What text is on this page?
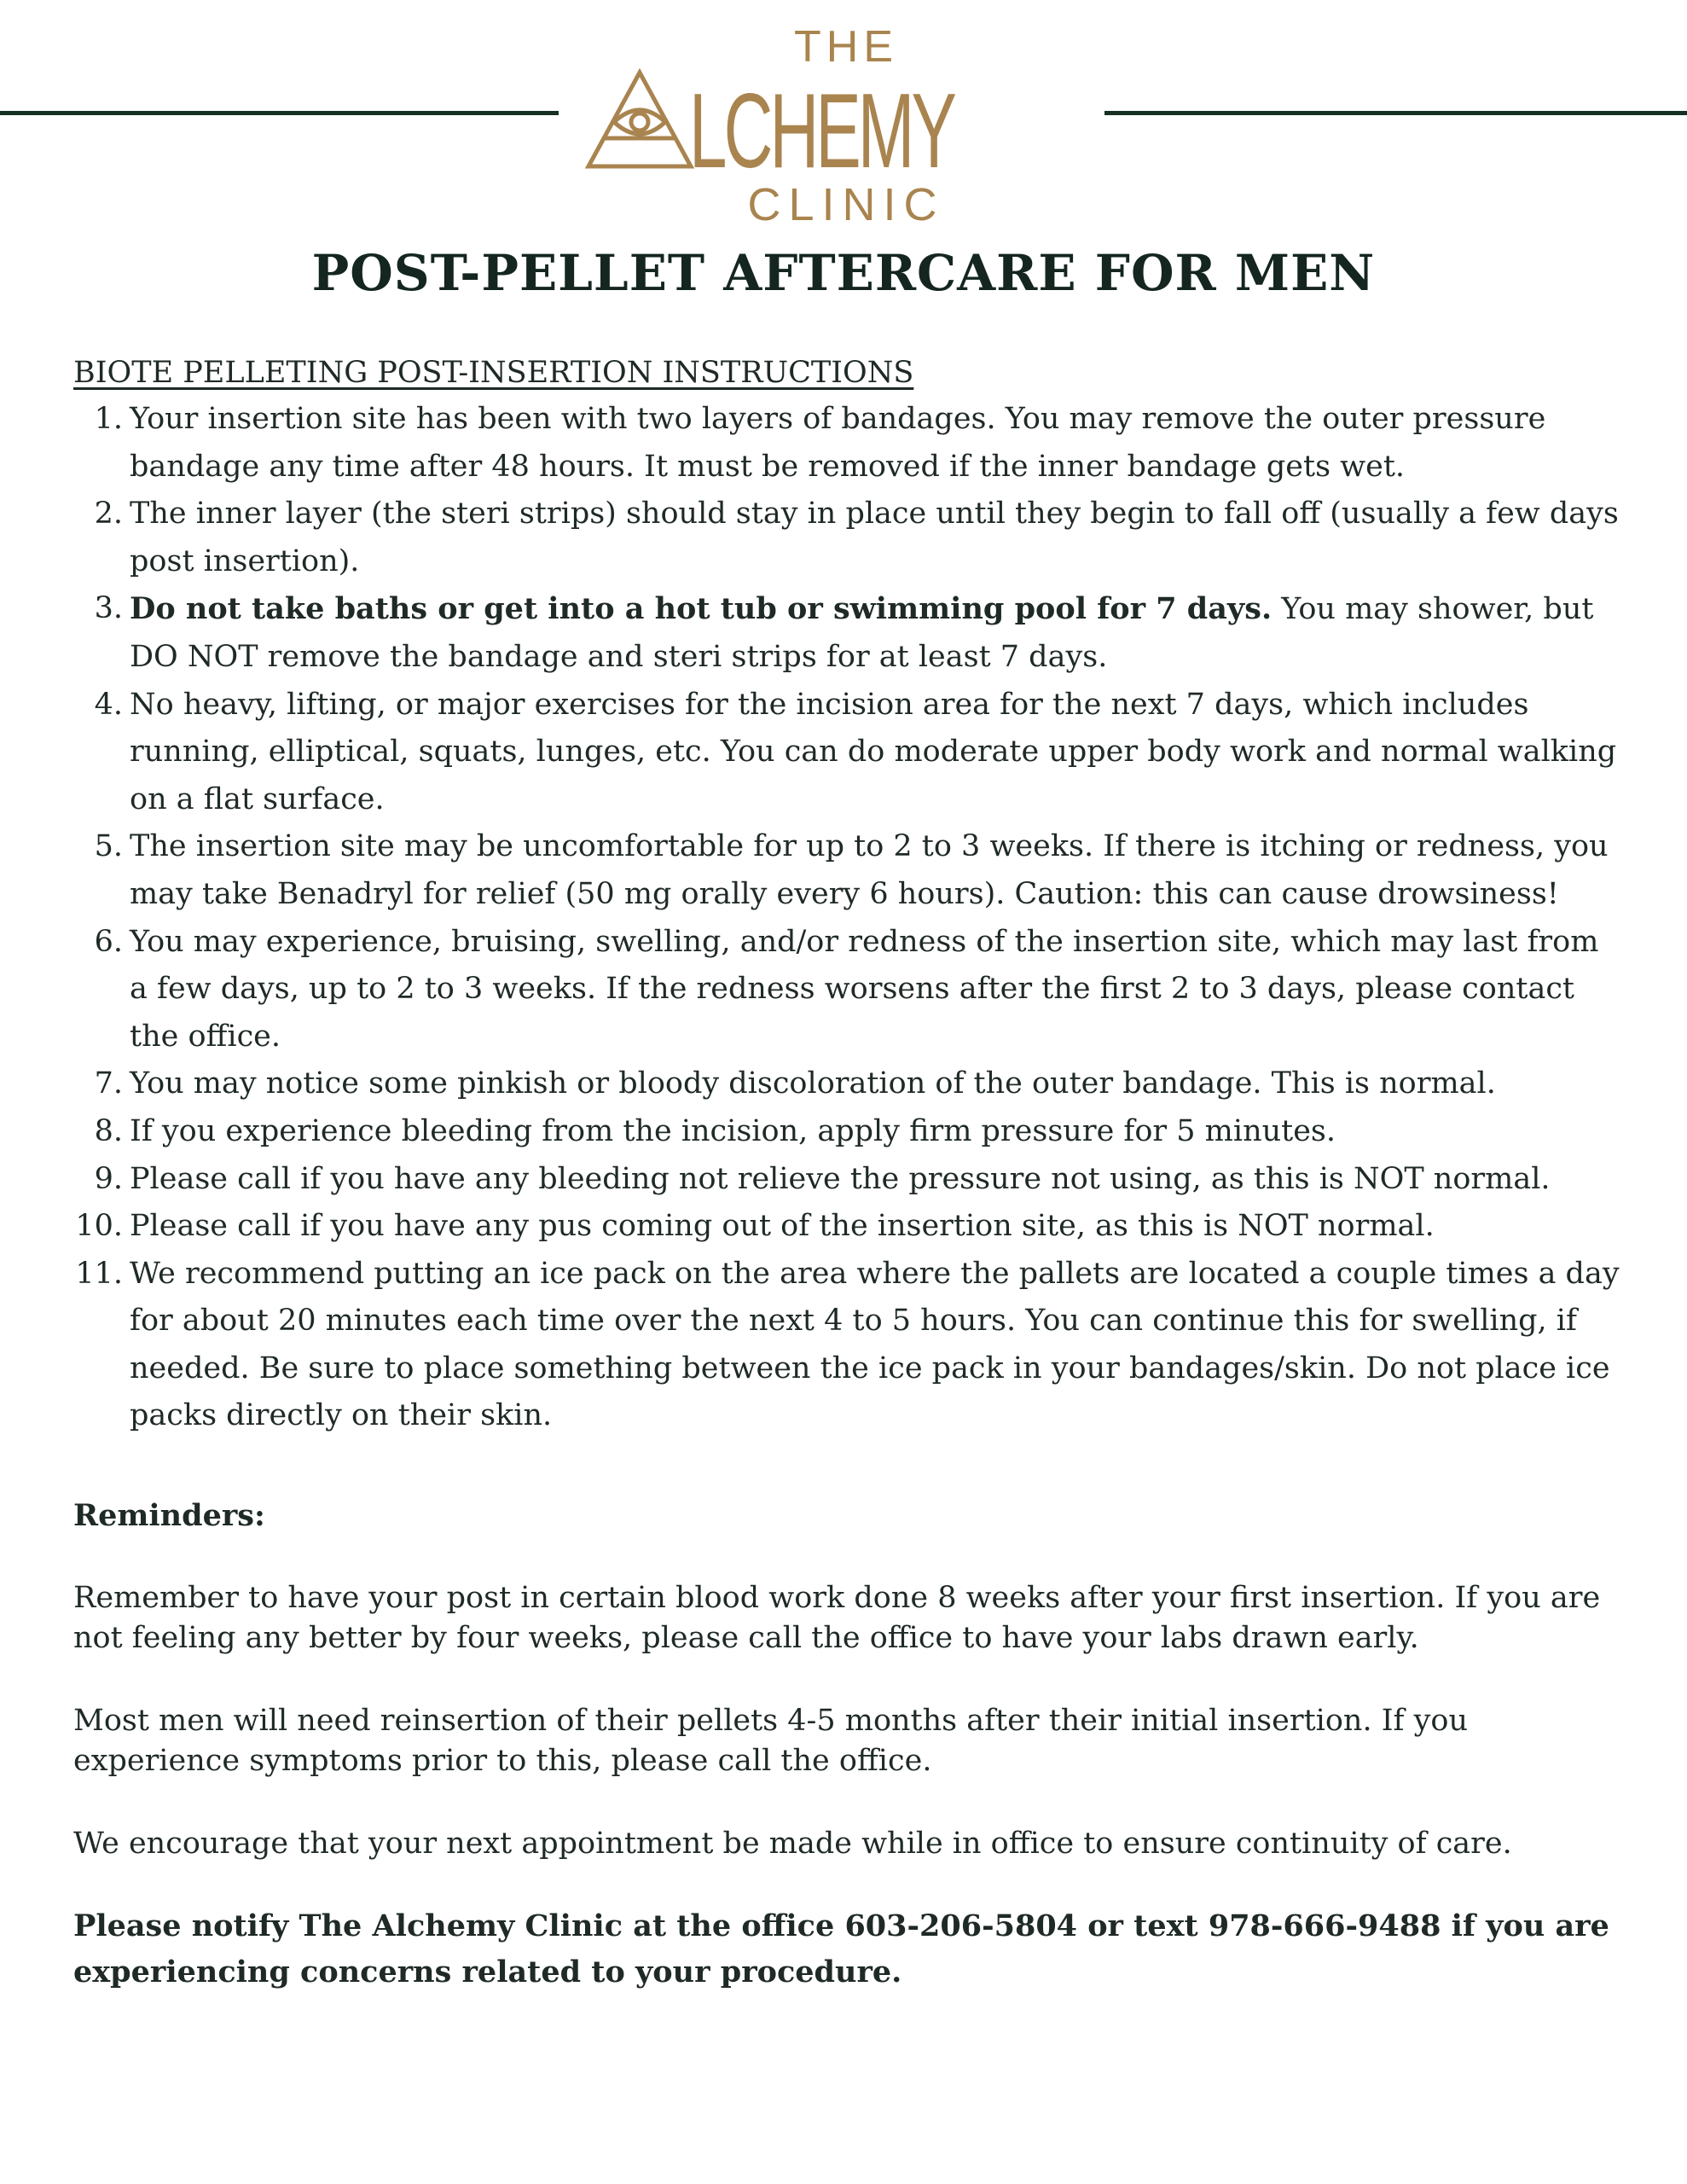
THE
LCHEMY
CLINIC
POST-PELLET AFTERCARE FOR MEN
BIOTE PELLETING POST-INSERTION INSTRUCTIONS
1. Your insertion site has been with two layers of bandages. You may remove the outer pressure bandage any time after 48 hours. It must be removed if the inner bandage gets wet.
2. The inner layer (the steri strips) should stay in place until they begin to fall off (usually a few days post insertion).
3. Do not take baths or get into a hot tub or swimming pool for 7 days. You may shower, but DO NOT remove the bandage and steri strips for at least 7 days.
4. No heavy, lifting, or major exercises for the incision area for the next 7 days, which includes running, elliptical, squats, lunges, etc. You can do moderate upper body work and normal walking on a flat surface.
5. The insertion site may be uncomfortable for up to 2 to 3 weeks. If there is itching or redness, you may take Benadryl for relief (50 mg orally every 6 hours). Caution: this can cause drowsiness!
6. You may experience, bruising, swelling, and/or redness of the insertion site, which may last from a few days, up to 2 to 3 weeks. If the redness worsens after the first 2 to 3 days, please contact the office.
7. You may notice some pinkish or bloody discoloration of the outer bandage. This is normal.
8. If you experience bleeding from the incision, apply firm pressure for 5 minutes.
9. Please call if you have any bleeding not relieve the pressure not using, as this is NOT normal.
10. Please call if you have any pus coming out of the insertion site, as this is NOT normal.
11. We recommend putting an ice pack on the area where the pallets are located a couple times a day for about 20 minutes each time over the next 4 to 5 hours. You can continue this for swelling, if needed. Be sure to place something between the ice pack in your bandages/skin. Do not place ice packs directly on their skin.
Reminders:

Remember to have your post in certain blood work done 8 weeks after your first insertion. If you are not feeling any better by four weeks, please call the office to have your labs drawn early.

Most men will need reinsertion of their pellets 4-5 months after their initial insertion. If you experience symptoms prior to this, please call the office.

We encourage that your next appointment be made while in office to ensure continuity of care.

Please notify The Alchemy Clinic at the office 603-206-5804 or text 978-666-9488 if you are experiencing concerns related to your procedure.
